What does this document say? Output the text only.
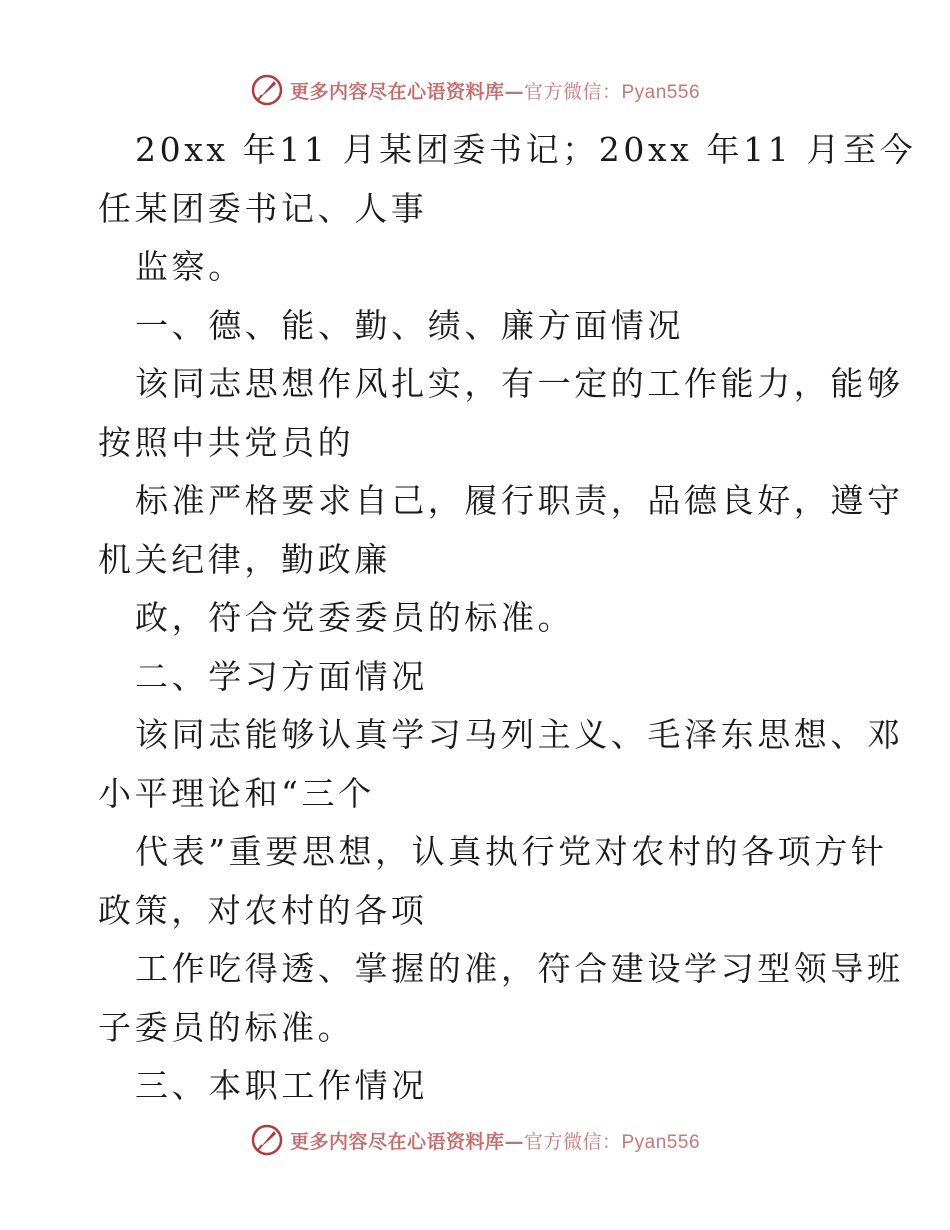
更多内容尽在心语资料库—官方微信：Pyan556
20xx 年11 月某团委书记；20xx 年11 月至今
任某团委书记、人事
监察。
一、德、能、勤、绩、廉方面情况
该同志思想作风扎实，有一定的工作能力，能够
按照中共党员的
标准严格要求自己，履行职责，品德良好，遵守
机关纪律，勤政廉
政，符合党委委员的标准。
二、学习方面情况
该同志能够认真学习马列主义、毛泽东思想、邓
小平理论和“三个
代表”重要思想，认真执行党对农村的各项方针
政策，对农村的各项
工作吃得透、掌握的准，符合建设学习型领导班
子委员的标准。
三、本职工作情况
更多内容尽在心语资料库—官方微信：Pyan556
